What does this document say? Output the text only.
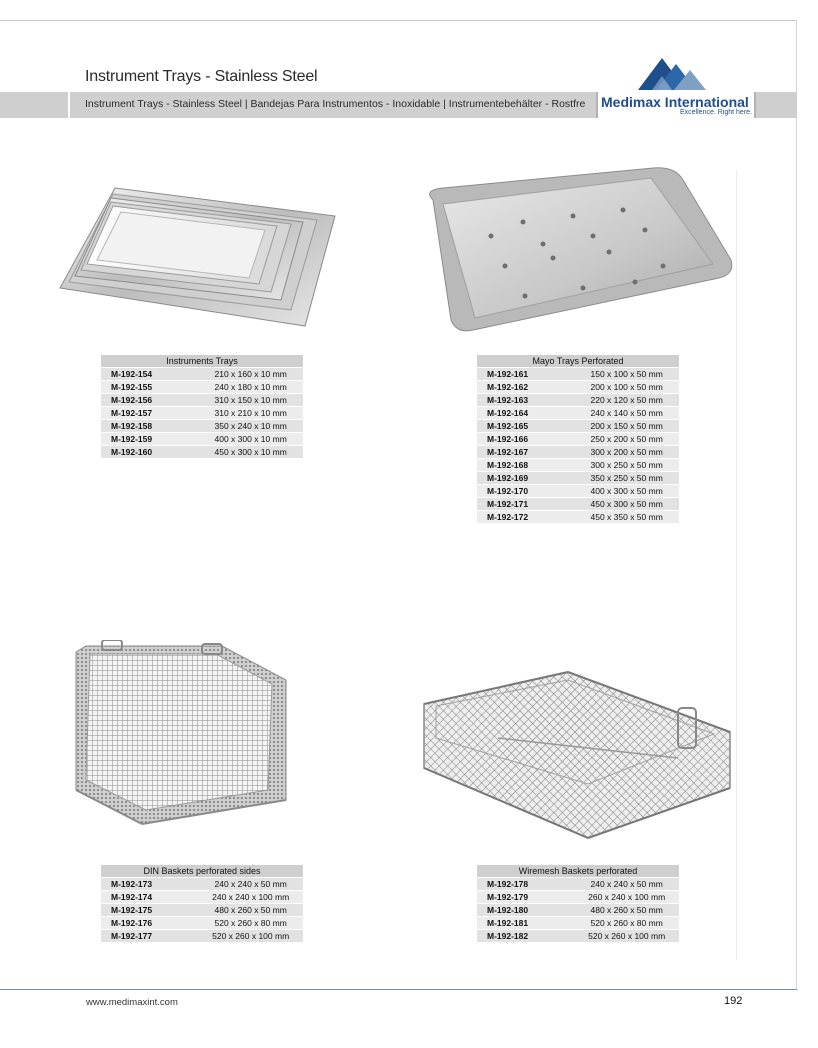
Instrument Trays - Stainless Steel
Instrument Trays - Stainless Steel | Bandejas Para Instrumentos - Inoxidable | Instrumentebehälter - Rostfre Medimax International
Excellence. Right here.
Instruments Trays	
M-192-154	210 x 160 x 10 mm
M-192-155	240 x 180 x 10 mm
M-192-156	310 x 150 x 10 mm
M-192-157	310 x 210 x 10 mm
M-192-158	350 x 240 x 10 mm
M-192-159	400 x 300 x 10 mm
M-192-160	450 x 300 x 10 mm
Mayo Trays Perforated	
M-192-161	150 x 100 x 50 mm
M-192-162	200 x 100 x 50 mm
M-192-163	220 x 120 x 50 mm
M-192-164	240 x 140 x 50 mm
M-192-165	200 x 150 x 50 mm
M-192-166	250 x 200 x 50 mm
M-192-167	300 x 200 x 50 mm
M-192-168	300 x 250 x 50 mm
M-192-169	350 x 250 x 50 mm
M-192-170	400 x 300 x 50 mm
M-192-171	450 x 300 x 50 mm
M-192-172	450 x 350 x 50 mm
DIN Baskets perforated sides	
M-192-173	240 x 240 x 50 mm
M-192-174	240 x 240 x 100 mm
M-192-175	480 x 260 x 50 mm
M-192-176	520 x 260 x 80 mm
M-192-177	520 x 260 x 100 mm
Wiremesh Baskets perforated	
M-192-178	240 x 240 x 50 mm
M-192-179	260 x 240 x 100 mm
M-192-180	480 x 260 x 50 mm
M-192-181	520 x 260 x 80 mm
M-192-182	520 x 260 x 100 mm
www.medimaxint.com	192
